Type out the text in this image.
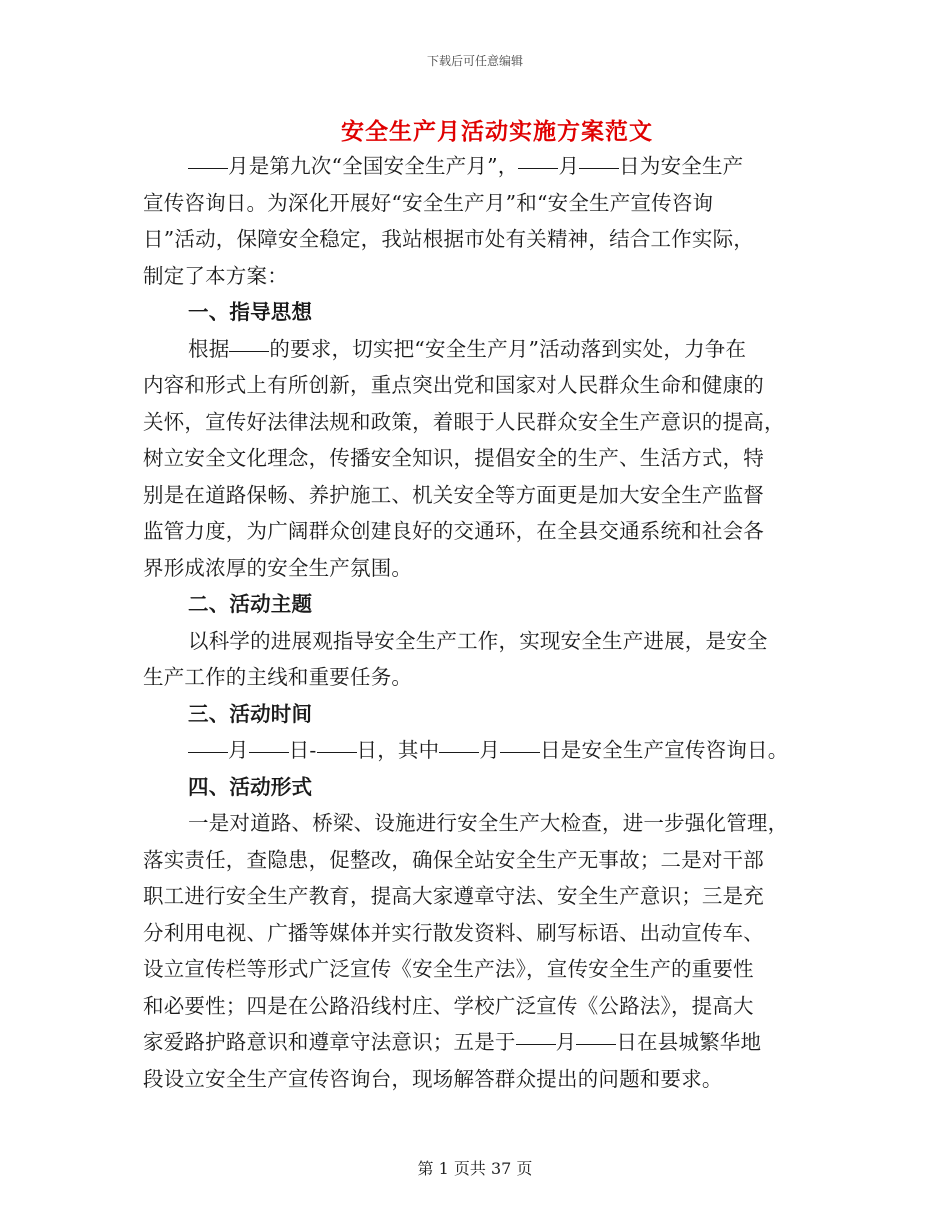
下载后可任意编辑
安全生产月活动实施方案范文
月是第九次“全国安全生产月”， 月 日为安全生产
宣传咨询日。为深化开展好“安全生产月”和“安全生产宣传咨询
日”活动，保障安全稳定，我站根据市处有关精神，结合工作实际，
制定了本方案：
一、指导思想
根据 的要求，切实把“安全生产月”活动落到实处，力争在
内容和形式上有所创新，重点突出党和国家对人民群众生命和健康的
关怀，宣传好法律法规和政策，着眼于人民群众安全生产意识的提高，
树立安全文化理念，传播安全知识，提倡安全的生产、生活方式，特
别是在道路保畅、养护施工、机关安全等方面更是加大安全生产监督
监管力度，为广阔群众创建良好的交通环，在全县交通系统和社会各
界形成浓厚的安全生产氛围。
二、活动主题
以科学的进展观指导安全生产工作，实现安全生产进展，是安全
生产工作的主线和重要任务。
三、活动时间
月 日- 日，其中 月 日是安全生产宣传咨询日。
四、活动形式
一是对道路、桥梁、设施进行安全生产大检查，进一步强化管理，
落实责任，查隐患，促整改，确保全站安全生产无事故；二是对干部
职工进行安全生产教育，提高大家遵章守法、安全生产意识；三是充
分利用电视、广播等媒体并实行散发资料、刷写标语、出动宣传车、
设立宣传栏等形式广泛宣传《安全生产法》，宣传安全生产的重要性
和必要性；四是在公路沿线村庄、学校广泛宣传《公路法》，提高大
家爱路护路意识和遵章守法意识；五是于 月 日在县城繁华地
段设立安全生产宣传咨询台，现场解答群众提出的问题和要求。
第 1 页共 37 页
